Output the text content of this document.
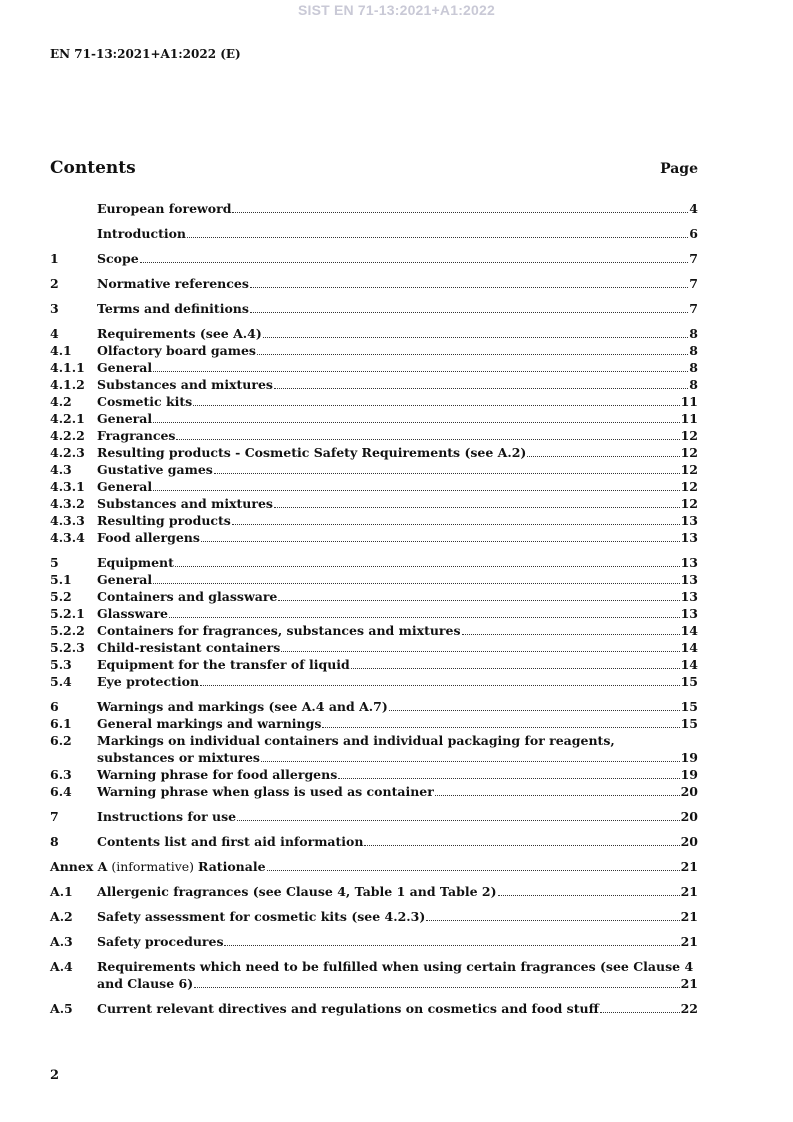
SIST EN 71-13:2021+A1:2022
EN 71-13:2021+A1:2022 (E)
Contents	Page
European foreword	4
Introduction	6
1	Scope	7
2	Normative references	7
3	Terms and definitions	7
4	Requirements (see A.4)	8
4.1	Olfactory board games	8
4.1.1 General	8
4.1.2 Substances and mixtures	8
4.2	Cosmetic kits	11
4.2.1 General	11
4.2.2 Fragrances	12
4.2.3 Resulting products - Cosmetic Safety Requirements (see A.2)	12
4.3	Gustative games	12
4.3.1 General	12
4.3.2 Substances and mixtures	12
4.3.3 Resulting products	13
4.3.4 Food allergens	13
5	Equipment	13
5.1	General	13
5.2	Containers and glassware	13
5.2.1 Glassware	13
5.2.2 Containers for fragrances, substances and mixtures	14
5.2.3 Child-resistant containers	14
5.3	Equipment for the transfer of liquid	14
5.4	Eye protection	15
6	Warnings and markings (see A.4 and A.7)	15
6.1	General markings and warnings	15
6.2	Markings on individual containers and individual packaging for reagents,
substances or mixtures	19
6.3	Warning phrase for food allergens	19
6.4	Warning phrase when glass is used as container	20
7	Instructions for use	20
8	Contents list and first aid information	20
Annex A (informative) Rationale	21
A.1	Allergenic fragrances (see Clause 4, Table 1 and Table 2)	21
A.2	Safety assessment for cosmetic kits (see 4.2.3)	21
A.3	Safety procedures	21
A.4	Requirements which need to be fulfilled when using certain fragrances (see Clause 4
and Clause 6)	21
A.5	Current relevant directives and regulations on cosmetics and food stuff	22
2
